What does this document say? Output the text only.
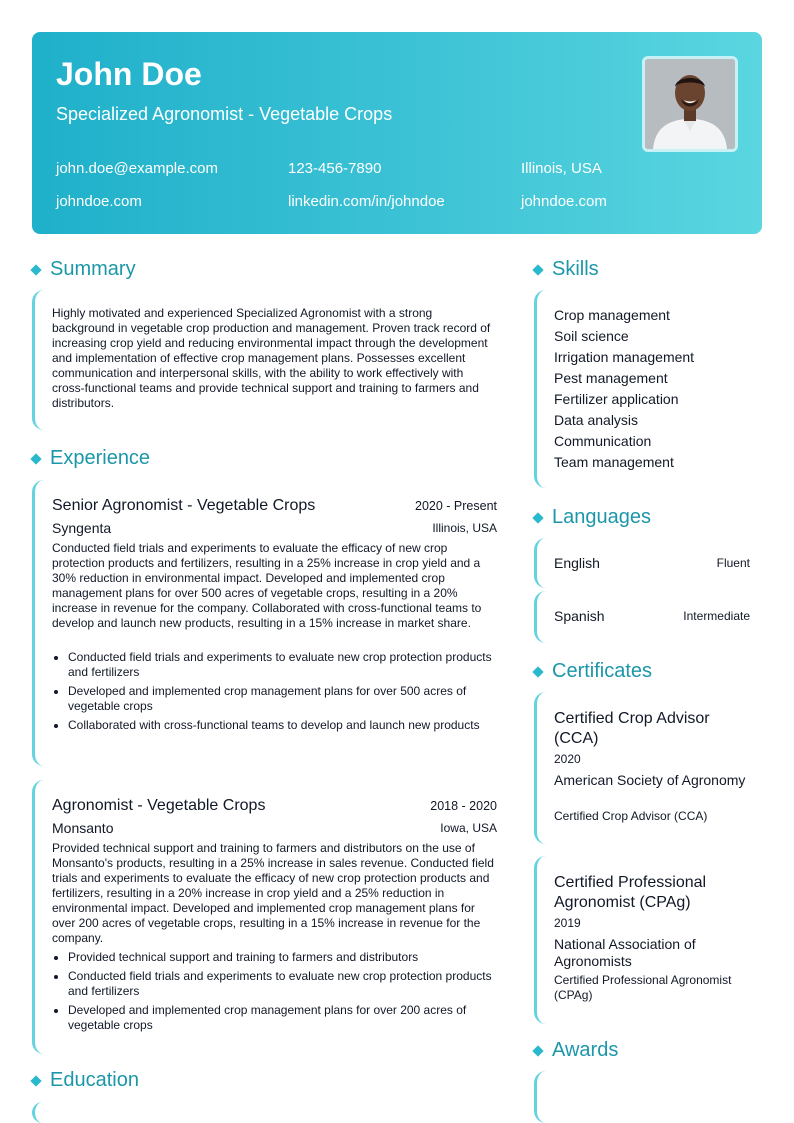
John Doe
Specialized Agronomist - Vegetable Crops
john.doe@example.com	123-456-7890	Illinois, USA
johndoe.com	linkedin.com/in/johndoe	johndoe.com
Summary
Highly motivated and experienced Specialized Agronomist with a strong background in vegetable crop production and management. Proven track record of increasing crop yield and reducing environmental impact through the development and implementation of effective crop management plans. Possesses excellent communication and interpersonal skills, with the ability to work effectively with cross-functional teams and provide technical support and training to farmers and distributors.
Experience
Senior Agronomist - Vegetable Crops	2020 - Present
Syngenta	Illinois, USA
Conducted field trials and experiments to evaluate the efficacy of new crop protection products and fertilizers, resulting in a 25% increase in crop yield and a 30% reduction in environmental impact. Developed and implemented crop management plans for over 500 acres of vegetable crops, resulting in a 20% increase in revenue for the company. Collaborated with cross-functional teams to develop and launch new products, resulting in a 15% increase in market share.
Conducted field trials and experiments to evaluate new crop protection products and fertilizers
Developed and implemented crop management plans for over 500 acres of vegetable crops
Collaborated with cross-functional teams to develop and launch new products
Agronomist - Vegetable Crops	2018 - 2020
Monsanto	Iowa, USA
Provided technical support and training to farmers and distributors on the use of Monsanto's products, resulting in a 25% increase in sales revenue. Conducted field trials and experiments to evaluate the efficacy of new crop protection products and fertilizers, resulting in a 20% increase in crop yield and a 25% reduction in environmental impact. Developed and implemented crop management plans for over 200 acres of vegetable crops, resulting in a 15% increase in revenue for the company.
Provided technical support and training to farmers and distributors
Conducted field trials and experiments to evaluate new crop protection products and fertilizers
Developed and implemented crop management plans for over 200 acres of vegetable crops
Education
Skills
Crop management
Soil science
Irrigation management
Pest management
Fertilizer application
Data analysis
Communication
Team management
Languages
English	Fluent
Spanish	Intermediate
Certificates
Certified Crop Advisor (CCA)
2020
American Society of Agronomy
Certified Crop Advisor (CCA)
Certified Professional Agronomist (CPAg)
2019
National Association of Agronomists
Certified Professional Agronomist (CPAg)
Awards
